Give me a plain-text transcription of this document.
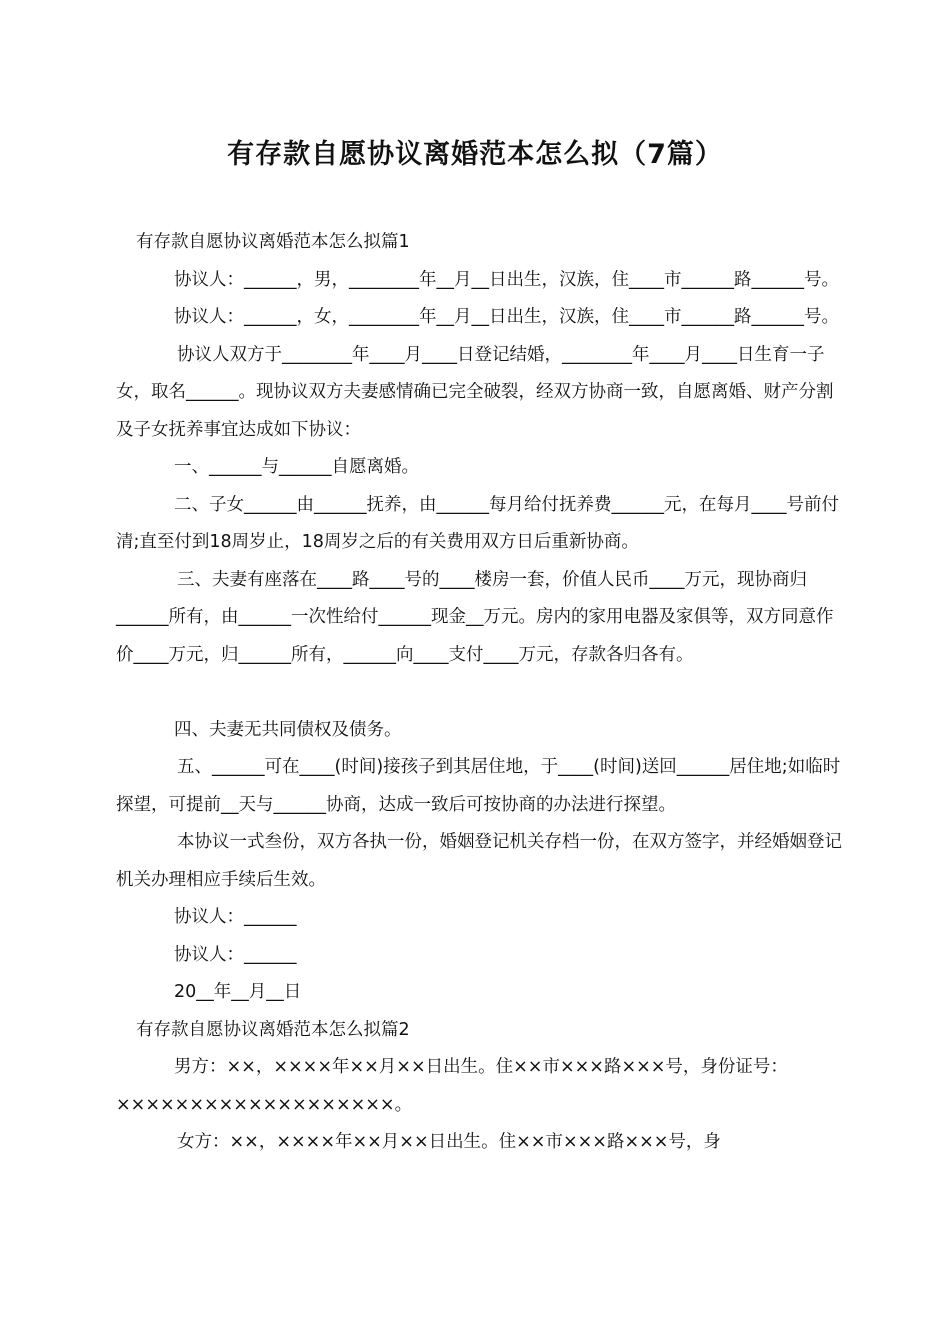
有存款自愿协议离婚范本怎么拟（7篇）

有存款自愿协议离婚范本怎么拟篇1

协议人：______，男，________年__月__日出生，汉族，住____市______路______号。

协议人：______，女，________年__月__日出生，汉族，住____市______路______号。

协议人双方于________年____月____日登记结婚，________年____月____日生育一子女，取名______。现协议双方夫妻感情确已完全破裂，经双方协商一致，自愿离婚、财产分割及子女抚养事宜达成如下协议：

一、______与______自愿离婚。

二、子女______由______抚养，由______每月给付抚养费______元，在每月____号前付清;直至付到18周岁止，18周岁之后的有关费用双方日后重新协商。

三、夫妻有座落在____路____号的____楼房一套，价值人民币____万元，现协商归______所有，由______一次性给付______现金__万元。房内的家用电器及家俱等，双方同意作价____万元，归______所有，______向____支付____万元，存款各归各有。

四、夫妻无共同债权及债务。

五、______可在____(时间)接孩子到其居住地，于____(时间)送回______居住地;如临时探望，可提前__天与______协商，达成一致后可按协商的办法进行探望。

本协议一式叁份，双方各执一份，婚姻登记机关存档一份，在双方签字，并经婚姻登记机关办理相应手续后生效。

协议人：______

协议人：______

20__年__月__日

有存款自愿协议离婚范本怎么拟篇2

男方：××，××××年××月××日出生。住××市×××路×××号，身份证号：×××××××××××××××××××。

女方：××，××××年××月××日出生。住××市×××路×××号，身
